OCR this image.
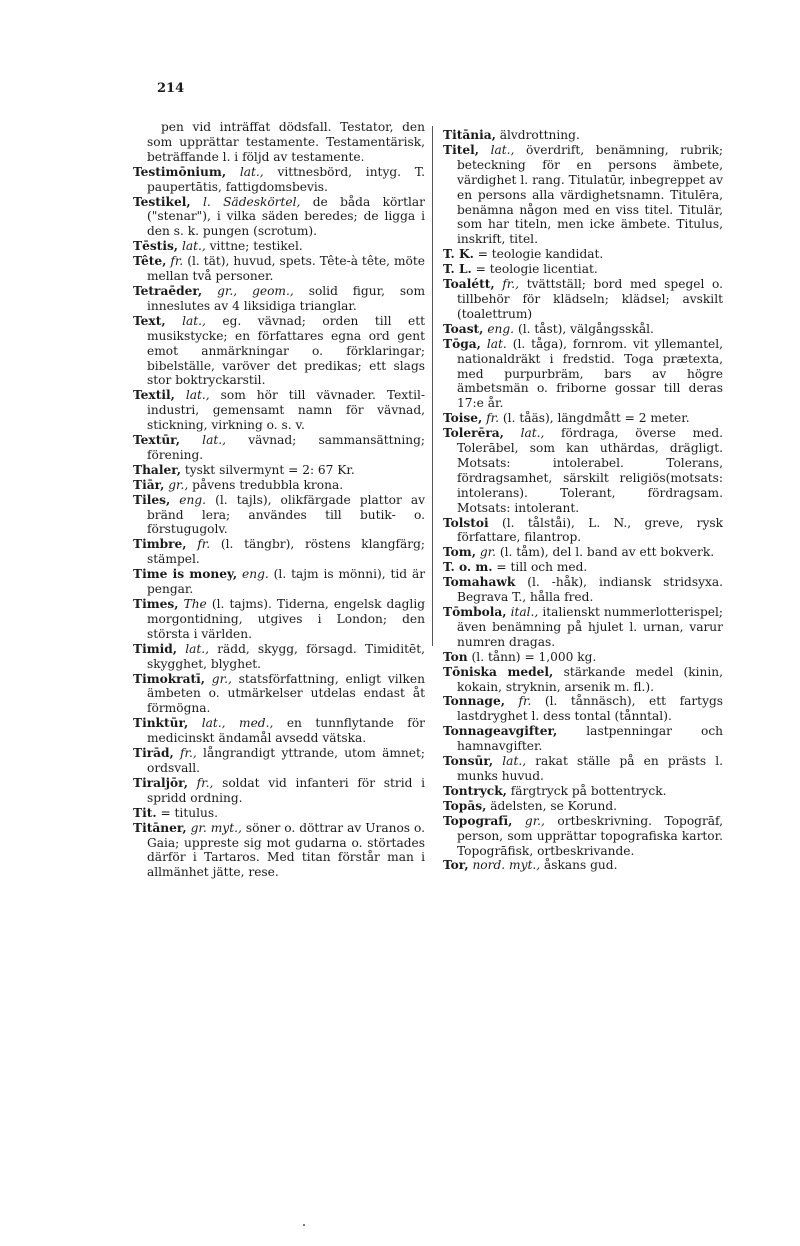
214

pen vid inträffat dödsfall. Testator, den som upprättar testamente. Testamentärisk, beträffande l. i följd av testamente.

Testimōnium, lat., vittnesbörd, intyg. T. paupertātis, fattigdomsbevis.

Testikel, l. Sädeskörtel, de båda körtlar ("stenar"), i vilka säden beredes; de ligga i den s. k. pungen (scrotum).

Tēstis, lat., vittne; testikel.

Tête, fr. (l. tät), huvud, spets. Tête-à tête, möte mellan två personer.

Tetraēder, gr., geom., solid figur, som inneslutes av 4 liksidiga trianglar.

Text, lat., eg. vävnad; orden till ett musikstycke; en författares egna ord gent emot anmärkningar o. förklaringar; bibelställe, varöver det predikas; ett slags stor boktryckarstil.

Textil, lat., som hör till vävnader. Textil-industri, gemensamt namn för vävnad, stickning, virkning o. s. v.

Textūr, lat., vävnad; sammansättning; förening.

Thaler, tyskt silvermynt = 2: 67 Kr.

Tiār, gr., påvens tredubbla krona.

Tiles, eng. (l. tajls), olikfärgade plattor av bränd lera; användes till butik- o. förstugugolv.

Timbre, fr. (l. tängbr), röstens klangfärg; stämpel.

Time is money, eng. (l. tajm is mönni), tid är pengar.

Times, The (l. tajms). Tiderna, engelsk daglig morgontidning, utgives i London; den största i världen.

Timid, lat., rädd, skygg, försagd. Timiditēt, skygghet, blyghet.

Timokratī, gr., statsförfattning, enligt vilken ämbeten o. utmärkelser utdelas endast åt förmögna.

Tinktūr, lat., med., en tunnflytande för medicinskt ändamål avsedd vätska.

Tirād, fr., långrandigt yttrande, utom ämnet; ordsvall.

Tiraljōr, fr., soldat vid infanteri för strid i spridd ordning.

Tit. = titulus.

Titāner, gr. myt., söner o. döttrar av Uranos o. Gaia; uppreste sig mot gudarna o. störtades därför i Tartaros. Med titan förstår man i allmänhet jätte, rese.

Titānia, älvdrottning.

Titel, lat., överdrift, benämning, rubrik; beteckning för en persons ämbete, värdighet l. rang. Titulatūr, inbegreppet av en persons alla värdighetsnamn. Titulēra, benämna någon med en viss titel. Titulär, som har titeln, men icke ämbete. Titulus, inskrift, titel.

T. K. = teologie kandidat.

T. L. = teologie licentiat.

Toalétt, fr., tvättställ; bord med spegel o. tillbehör för klädseln; klädsel; avskilt (toalettrum)

Toast, eng. (l. tåst), välgångsskål.

Tōga, lat. (l. tåga), fornrom. vit yllemantel, nationaldräkt i fredstid. Toga prætexta, med purpurbräm, bars av högre ämbetsmän o. friborne gossar till deras 17:e år.

Toise, fr. (l. tåäs), längdmått = 2 meter.

Tolerēra, lat., fördraga, överse med. Tolerābel, som kan uthärdas, drägligt. Motsats: intolerabel. Tolerans, fördragsamhet, särskilt religiös(motsats: intolerans). Tolerant, fördragsam. Motsats: intolerant.

Tolstoi (l. tålståi), L. N., greve, rysk författare, filantrop.

Tom, gr. (l. tåm), del l. band av ett bokverk.

T. o. m. = till och med.

Tomahawk (l. -håk), indiansk stridsyxa. Begrava T., hålla fred.

Tōmbola, ital., italienskt nummerlotterispel; även benämning på hjulet l. urnan, varur numren dragas.

Ton (l. tånn) = 1,000 kg.

Tōniska medel, stärkande medel (kinin, kokain, stryknin, arsenik m. fl.).

Tonnage, fr. (l. tånnäsch), ett fartygs lastdryghet l. dess tontal (tånntal).

Tonnageavgifter, lastpenningar och hamnavgifter.

Tonsūr, lat., rakat ställe på en prästs l. munks huvud.

Tontryck, färgtryck på bottentryck.

Topās, ädelsten, se Korund.

Topografī, gr., ortbeskrivning. Topogrāf, person, som upprättar topografiska kartor. Topogrāfisk, ortbeskrivande.

Tor, nord. myt., åskans gud.
